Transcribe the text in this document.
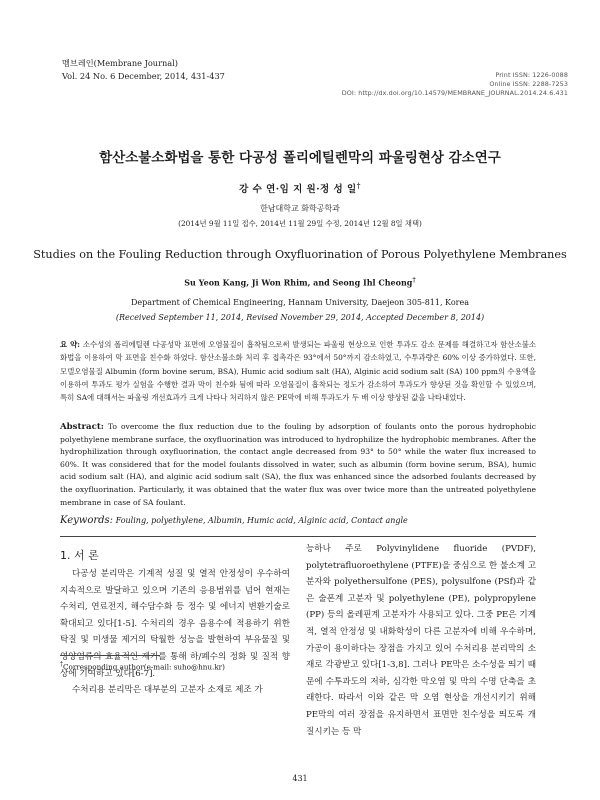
멤브레인(Membrane Journal)
Vol. 24 No. 6 December, 2014, 431-437	Print ISSN: 1226-0088
Online ISSN: 2288-7253
DOI: http://dx.doi.org/10.14579/MEMBRANE_JOURNAL.2014.24.6.431
함산소불소화법을 통한 다공성 폴리에틸렌막의 파울링현상 감소연구
강 수 연·임 지 원·정 성 일†
한남대학교 화학공학과
(2014년 9월 11일 접수, 2014년 11월 29일 수정, 2014년 12월 8일 채택)
Studies on the Fouling Reduction through Oxyfluorination of Porous Polyethylene Membranes
Su Yeon Kang, Ji Won Rhim, and Seong Ihl Cheong†
Department of Chemical Engineering, Hannam University, Daejeon 305-811, Korea
(Received September 11, 2014, Revised November 29, 2014, Accepted December 8, 2014)
요 약: 소수성의 폴리에틸렌 다공성막 표면에 오염물질이 흡착됨으로써 발생되는 파울링 현상으로 인한 투과도 감소 문제를 해결하고자 함산소불소화법을 이용하여 막 표면을 친수화 하였다. 함산소불소화 처리 후 접촉각은 93°에서 50°까지 감소하였고, 수투과량은 60% 이상 증가하였다. 또한, 모델오염물질 Albumin (form bovine serum, BSA), Humic acid sodium salt (HA), Alginic acid sodium salt (SA) 100 ppm의 수용액을 이용하여 투과도 평가 실험을 수행한 결과 막이 친수화 됨에 따라 오염물질이 흡착되는 정도가 감소하여 투과도가 향상된 것을 확인할 수 있었으며, 특히 SA에 대해서는 파울링 개선효과가 크게 나타나 처리하지 않은 PE막에 비해 투과도가 두 배 이상 향상된 값을 나타내었다.
Abstract: To overcome the flux reduction due to the fouling by adsorption of foulants onto the porous hydrophobic polyethylene membrane surface, the oxyfluorination was introduced to hydrophilize the hydrophobic membranes. After the hydrophilization through oxyfluorination, the contact angle decreased from 93° to 50° while the water flux increased to 60%. It was considered that for the model foulants dissolved in water, such as albumin (form bovine serum, BSA), humic acid sodium salt (HA), and alginic acid sodium salt (SA), the flux was enhanced since the adsorbed foulants decreased by the oxyfluorination. Particularly, it was obtained that the water flux was over twice more than the untreated polyethylene membrane in case of SA foulant.
Keywords: Fouling, polyethylene, Albumin, Humic acid, Alginic acid, Contact angle
1. 서 론

다공성 분리막은 기계적 성질 및 열적 안정성이 우수하여 지속적으로 발달하고 있으며 기존의 응용범위를 넘어 현재는 수처리, 연료전지, 해수담수화 등 정수 및 에너지 변환기술로 확대되고 있다[1-5]. 수처리의 경우 음용수에 적용하기 위한 탁질 및 미생물 제거의 탁월한 성능을 발현하여 부유물질 및 영양염류의 효율적인 제거를 통해 하/폐수의 정화 및 질적 향상에 기여하고 있다[6-7].

수처리용 분리막은 대부분의 고분자 소재로 제조 가

능하나 주로 Polyvinylidene fluoride (PVDF), polytetrafluoroethylene (PTFE)을 중심으로 한 불소계 고분자와 polyethersulfone (PES), polysulfone (PSf)과 같은 술폰계 고분자 및 polyethylene (PE), polypropylene (PP) 등의 올레핀계 고분자가 사용되고 있다. 그중 PE은 기계적, 열적 안정성 및 내화학성이 다른 고분자에 비해 우수하며, 가공이 용이하다는 장점을 가지고 있어 수처리용 분리막의 소재로 각광받고 있다[1-3,8]. 그러나 PE막은 소수성을 띄기 때문에 수투과도의 저하, 심각한 막오염 및 막의 수명 단축을 초래한다. 따라서 이와 같은 막 오염 현상을 개선시키기 위해 PE막의 여러 장점을 유지하면서 표면만 친수성을 띄도록 개질시키는 등 막

†Corresponding author(e-mail: suho@hnu.kr)
431
